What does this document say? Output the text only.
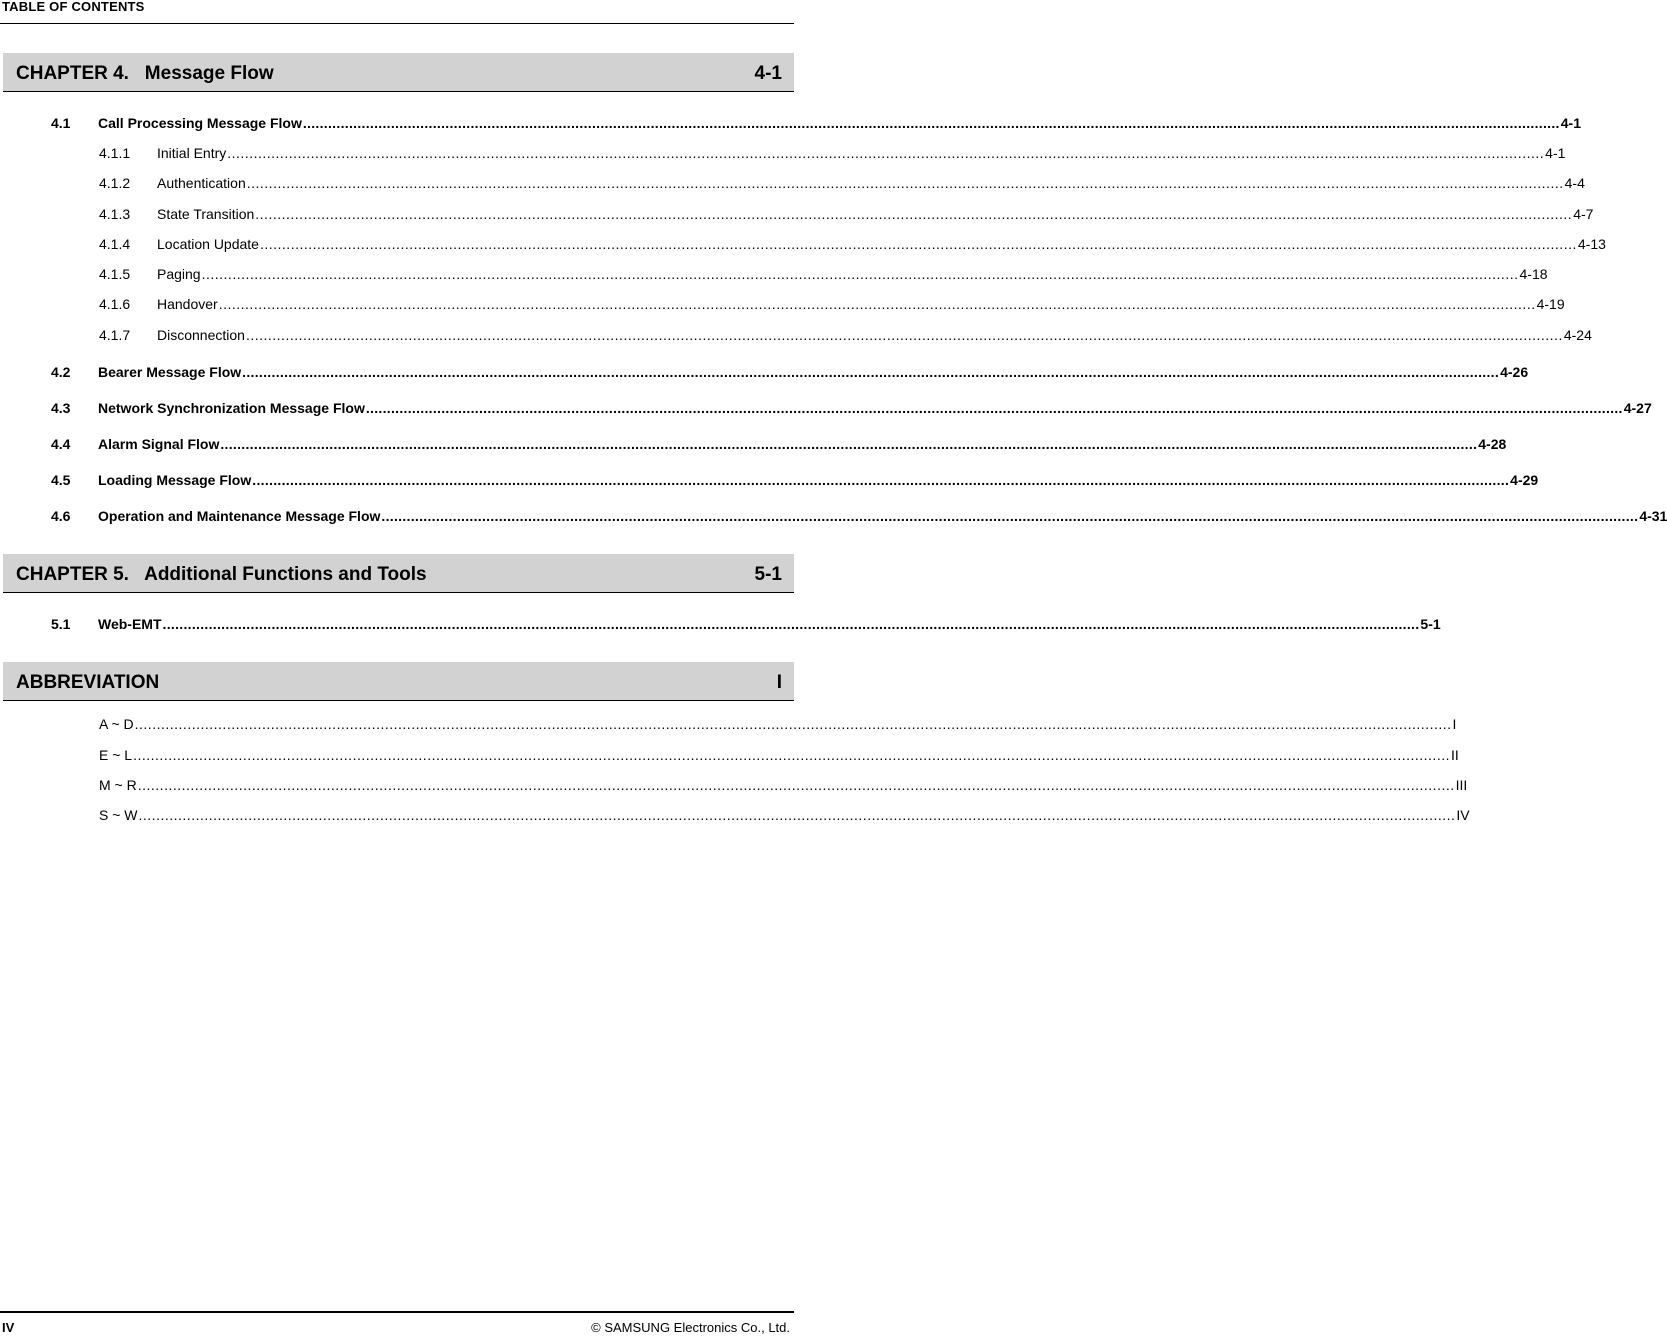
TABLE OF CONTENTS
CHAPTER 4.   Message Flow	4-1
4.1	Call Processing Message Flow ............................................................................................................................................................................................................................................................................................................ 4-1
4.1.1	Initial Entry ............................................................................................................................................................................................................................................................................................................ 4-1
4.1.2	Authentication ............................................................................................................................................................................................................................................................................................................ 4-4
4.1.3	State Transition ............................................................................................................................................................................................................................................................................................................ 4-7
4.1.4	Location Update ............................................................................................................................................................................................................................................................................................................ 4-13
4.1.5	Paging ............................................................................................................................................................................................................................................................................................................ 4-18
4.1.6	Handover ............................................................................................................................................................................................................................................................................................................ 4-19
4.1.7	Disconnection ............................................................................................................................................................................................................................................................................................................ 4-24
4.2	Bearer Message Flow ............................................................................................................................................................................................................................................................................................................ 4-26
4.3	Network Synchronization Message Flow ............................................................................................................................................................................................................................................................................................................ 4-27
4.4	Alarm Signal Flow ............................................................................................................................................................................................................................................................................................................ 4-28
4.5	Loading Message Flow ............................................................................................................................................................................................................................................................................................................ 4-29
4.6	Operation and Maintenance Message Flow ............................................................................................................................................................................................................................................................................................................ 4-31
CHAPTER 5.   Additional Functions and Tools	5-1
5.1	Web-EMT ............................................................................................................................................................................................................................................................................................................ 5-1
ABBREVIATION	I
A ~ D ............................................................................................................................................................................................................................................................................................................ I
E ~ L ............................................................................................................................................................................................................................................................................................................ II
M ~ R ............................................................................................................................................................................................................................................................................................................ III
S ~ W ............................................................................................................................................................................................................................................................................................................ IV
IV	© SAMSUNG Electronics Co., Ltd.
